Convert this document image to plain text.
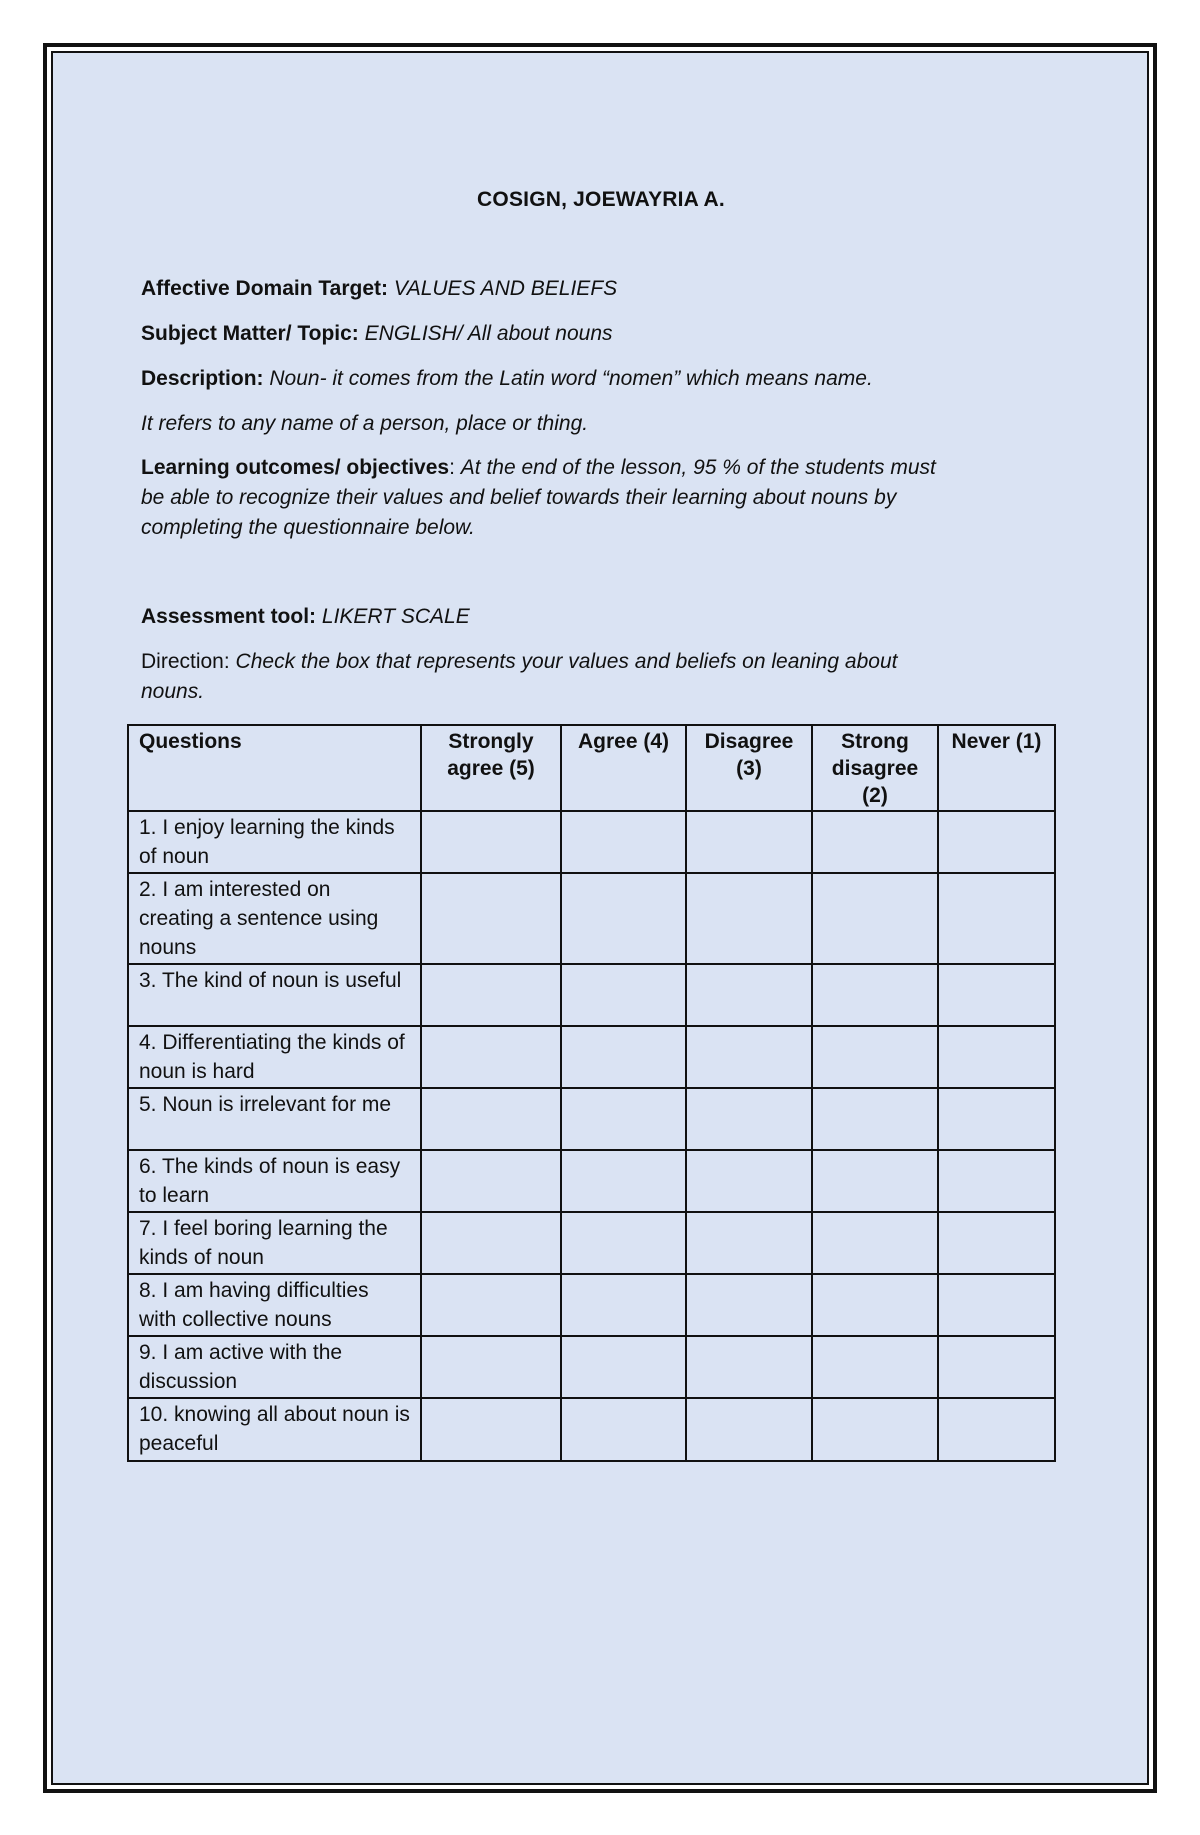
COSIGN, JOEWAYRIA A.
Affective Domain Target: VALUES AND BELIEFS
Subject Matter/ Topic: ENGLISH/ All about nouns
Description: Noun- it comes from the Latin word “nomen” which means name.
It refers to any name of a person, place or thing.
Learning outcomes/ objectives: At the end of the lesson, 95 % of the students must
be able to recognize their values and belief towards their learning about nouns by
completing the questionnaire below.
Assessment tool: LIKERT SCALE
Direction: Check the box that represents your values and beliefs on leaning about
nouns.
Questions	Strongly agree (5)	Agree (4)	Disagree (3)	Strong disagree (2)	Never (1)
1. I enjoy learning the kinds of noun					
2. I am interested on creating a sentence using nouns					
3. The kind of noun is useful					
4. Differentiating the kinds of noun is hard					
5. Noun is irrelevant for me					
6. The kinds of noun is easy to learn					
7. I feel boring learning the kinds of noun					
8. I am having difficulties with collective nouns					
9. I am active with the discussion					
10. knowing all about noun is peaceful					
